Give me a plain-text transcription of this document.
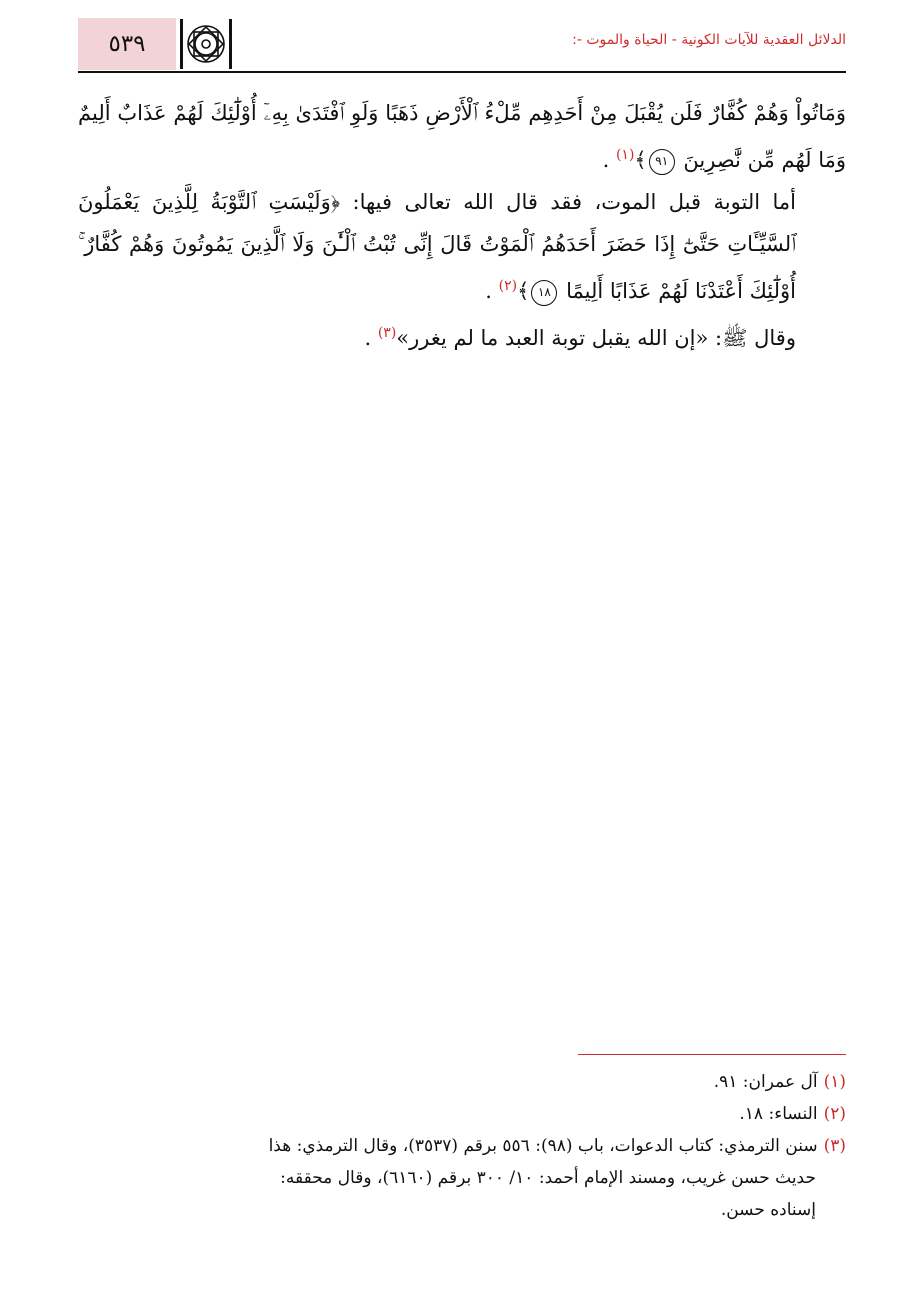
٥٣٩	الدلائل العقدية للآيات الكونية - الحياة والموت -:

وَمَاتُواْ وَهُمْ كُفَّارٌ فَلَن يُقْبَلَ مِنْ أَحَدِهِم مِّلْءُ ٱلْأَرْضِ ذَهَبًا وَلَوِ ٱفْتَدَىٰ بِهِۦٓ أُوْلَٰٓئِكَ لَهُمْ عَذَابٌ أَلِيمٌ وَمَا لَهُم مِّن نَّٰصِرِينَ ٩١﴾$^{(١)}$ .

أما التوبة قبل الموت، فقد قال الله تعالى فيها: ﴿وَلَيْسَتِ ٱلتَّوْبَةُ لِلَّذِينَ يَعْمَلُونَ ٱلسَّيِّـَٔاتِ حَتَّىٰٓ إِذَا حَضَرَ أَحَدَهُمُ ٱلْمَوْتُ قَالَ إِنِّى تُبْتُ ٱلْـَٰٔنَ وَلَا ٱلَّذِينَ يَمُوتُونَ وَهُمْ كُفَّارٌ ۚ أُوْلَٰٓئِكَ أَعْتَدْنَا لَهُمْ عَذَابًا أَلِيمًا ١٨﴾$^{(٢)}$ .

وقال ﷺ: «إن الله يقبل توبة العبد ما لم يغرر»$^{(٣)}$ .

(١)آل عمران: ٩١.

(٢)النساء: ١٨.

(٣)سنن الترمذي: كتاب الدعوات، باب (٩٨): ٥٥٦ برقم (٣٥٣٧)، وقال الترمذي: هذا

حديث حسن غريب، ومسند الإمام أحمد: ١٠/ ٣٠٠ برقم (٦١٦٠)، وقال محققه:

إسناده حسن.
